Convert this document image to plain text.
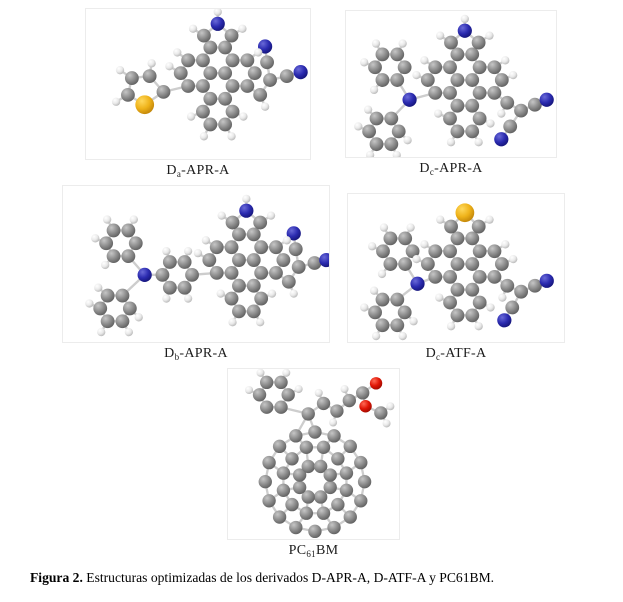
$D_a-APR-A$	$D_c-APR-A$
$D_b-APR-A$	$D_c-ATF-A$
$PC_{61}BM$

Figura 2. Estructuras optimizadas de los derivados D-APR-A, D-ATF-A y PC61BM.
